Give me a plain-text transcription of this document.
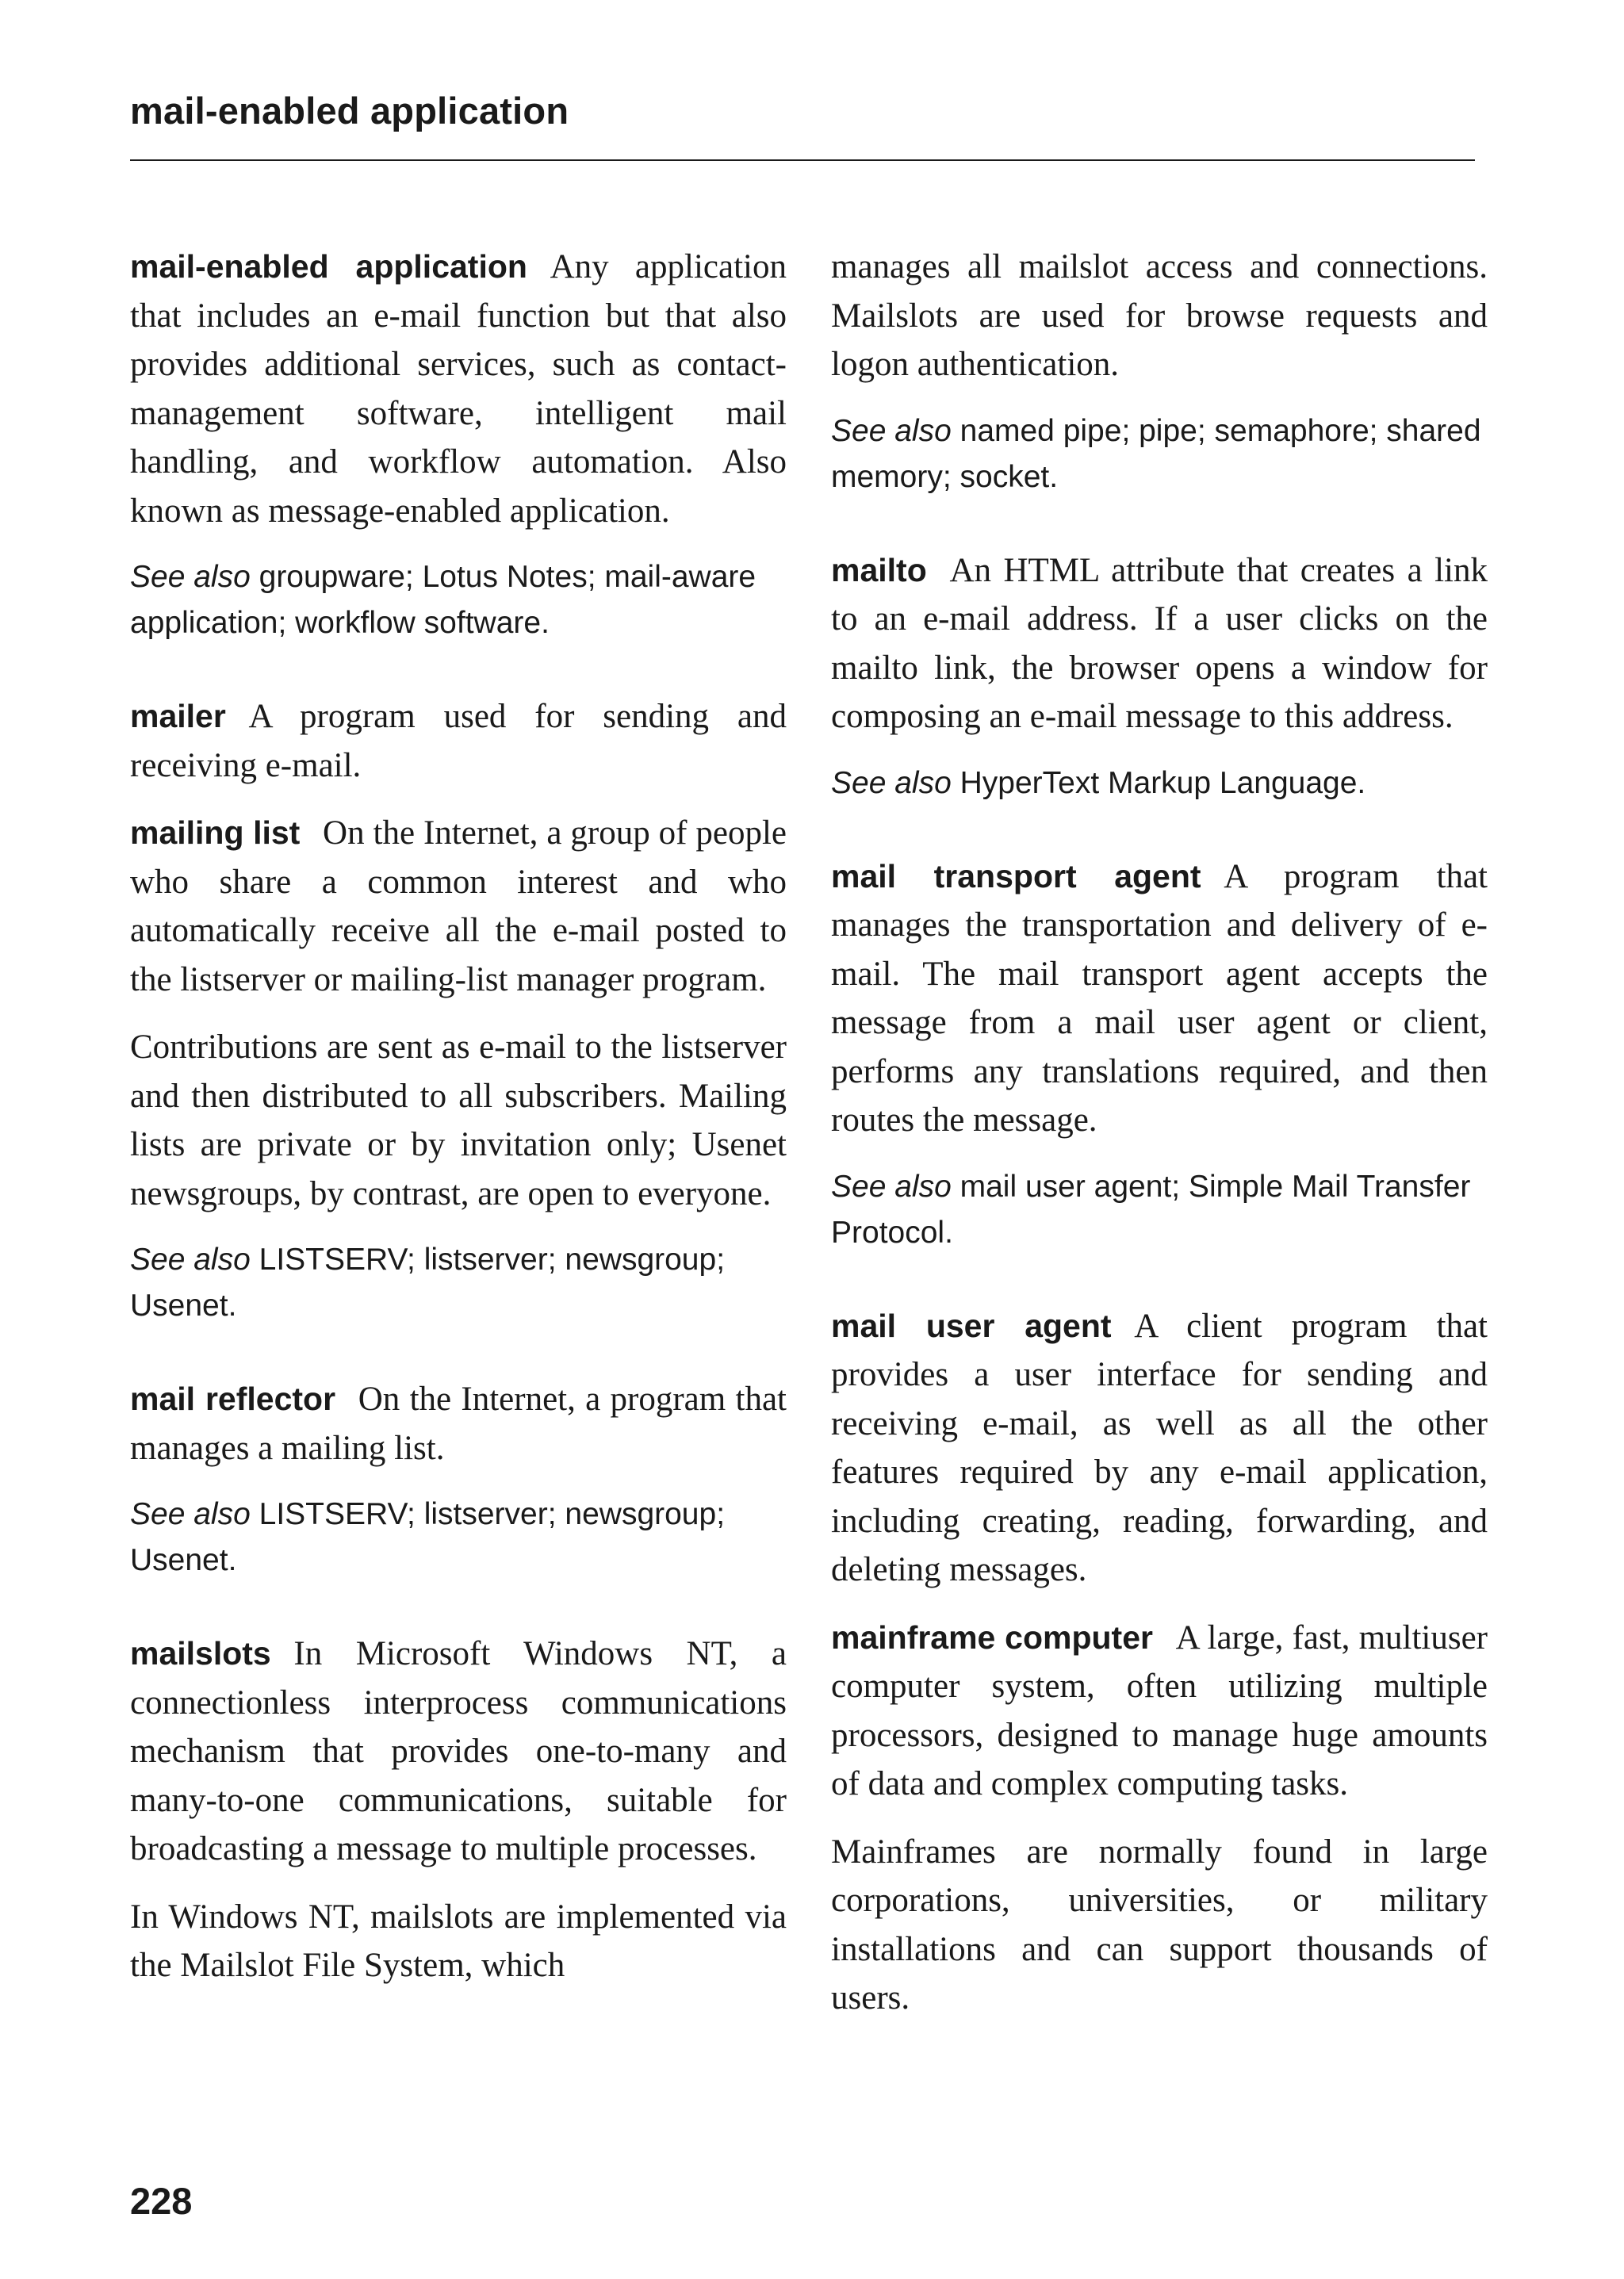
mail-enabled application

mail-enabled application Any application that includes an e-mail function but that also provides additional services, such as contact-management software, intelligent mail handling, and workflow automation. Also known as message-enabled application.

See also groupware; Lotus Notes; mail-aware application; workflow software.

mailer A program used for sending and receiving e-mail.

mailing list On the Internet, a group of people who share a common interest and who automatically receive all the e-mail posted to the listserver or mailing-list manager program.

Contributions are sent as e-mail to the listserver and then distributed to all subscribers. Mailing lists are private or by invitation only; Usenet newsgroups, by contrast, are open to everyone.

See also LISTSERV; listserver; newsgroup; Usenet.

mail reflector On the Internet, a program that manages a mailing list.

See also LISTSERV; listserver; newsgroup; Usenet.

mailslots In Microsoft Windows NT, a connectionless interprocess communications mechanism that provides one-to-many and many-to-one communications, suitable for broadcasting a message to multiple processes.

In Windows NT, mailslots are implemented via the Mailslot File System, which

manages all mailslot access and connections. Mailslots are used for browse requests and logon authentication.

See also named pipe; pipe; semaphore; shared memory; socket.

mailto An HTML attribute that creates a link to an e-mail address. If a user clicks on the mailto link, the browser opens a window for composing an e-mail message to this address.

See also HyperText Markup Language.

mail transport agent A program that manages the transportation and delivery of e-mail. The mail transport agent accepts the message from a mail user agent or client, performs any translations required, and then routes the message.

See also mail user agent; Simple Mail Transfer Protocol.

mail user agent A client program that provides a user interface for sending and receiving e-mail, as well as all the other features required by any e-mail application, including creating, reading, forwarding, and deleting messages.

mainframe computer A large, fast, multiuser computer system, often utilizing multiple processors, designed to manage huge amounts of data and complex computing tasks.

Mainframes are normally found in large corporations, universities, or military installations and can support thousands of users.

228
